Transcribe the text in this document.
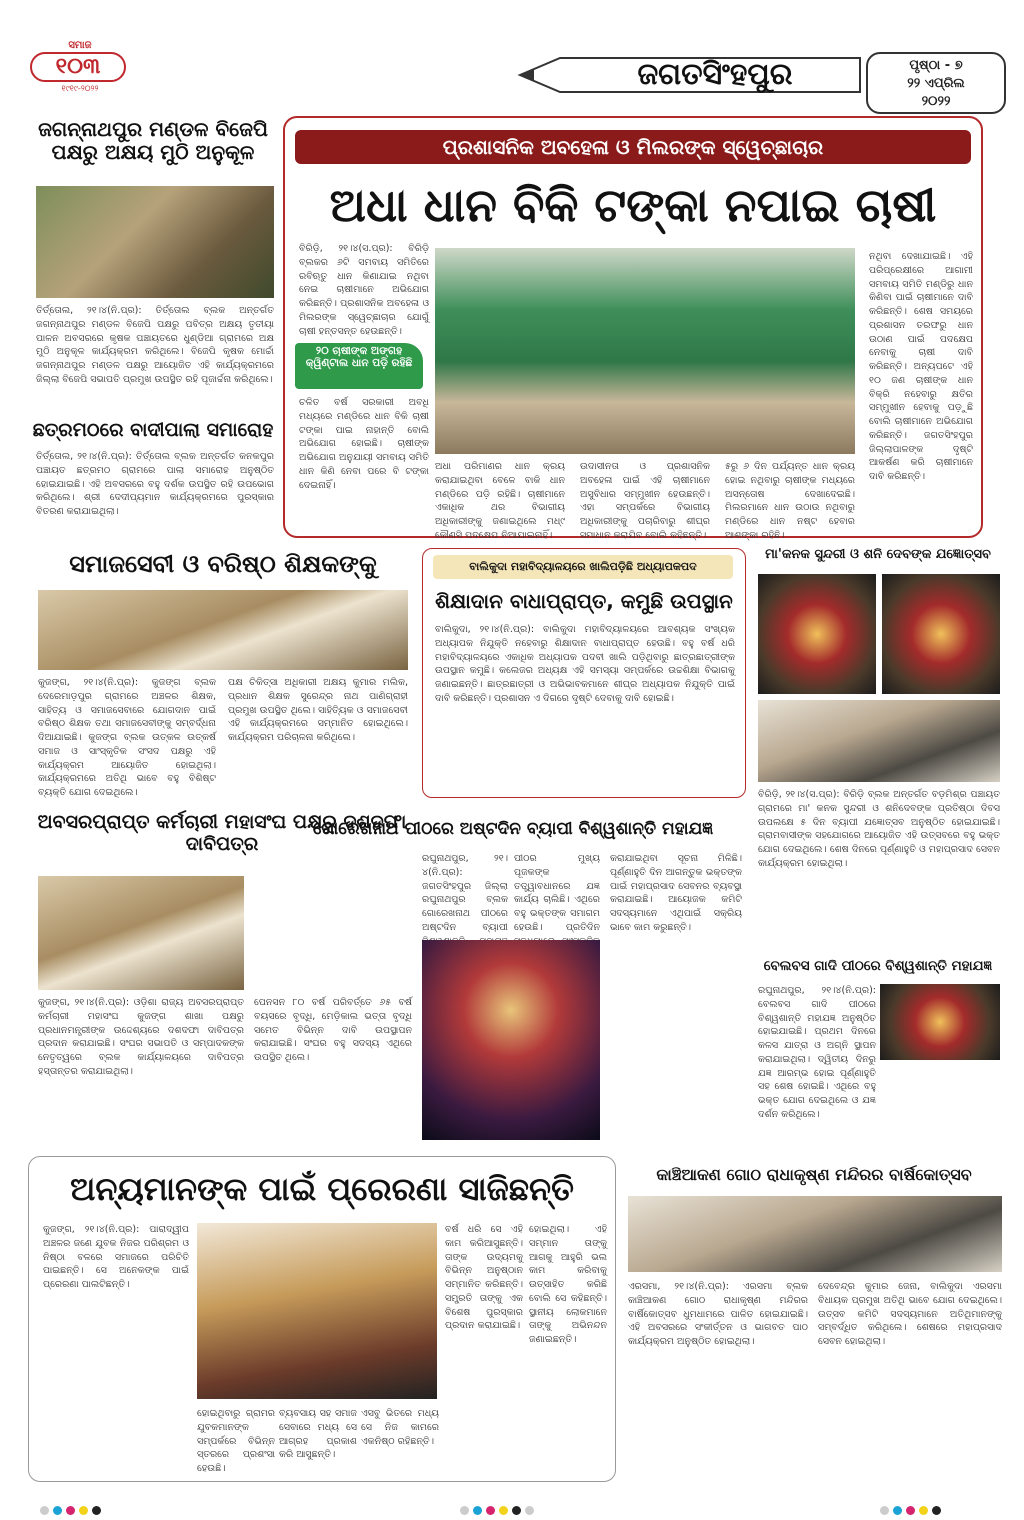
ସମାଜ
୧୦୩
୧୯୧୯-୨୦୨୨	ଜଗତସିଂହପୁର	ପୃଷ୍ଠା - ୭
୨୨ ଏପ୍ରିଲ
୨୦୨୨
ଜଗନ୍ନାଥପୁର ମଣ୍ଡଳ ବିଜେପି ପକ୍ଷରୁ ଅକ୍ଷୟ ମୁଠି ଅନୁକୂଳ
ତିର୍ତ୍ତୋଲ, ୨୧।୪(ନି.ପ୍ର): ତିର୍ତ୍ତୋଲ ବ୍ଲକ ଅନ୍ତର୍ଗତ ଜଗନ୍ନାଥପୁର ମଣ୍ଡଳ ବିଜେପି ପକ୍ଷରୁ ପବିତ୍ର ଅକ୍ଷୟ ତୃତୀୟା ପାଳନ ଅବସରରେ କୃଷକ ପଞ୍ଚାୟତରେ ଧୁଣ୍ଡିଆ ଗ୍ରାମରେ ଅକ୍ଷ ମୁଠି ଅନୁକୂଳ କାର୍ଯ୍ୟକ୍ରମ କରିଥିଲେ। ବିଜେପି କୃଷକ ମୋର୍ଚ୍ଚା ଜଗନ୍ନାଥପୁର ମଣ୍ଡଳ ପକ୍ଷରୁ ଆୟୋଜିତ ଏହି କାର୍ଯ୍ୟକ୍ରମରେ ଜିଲ୍ଲା ବିଜେପି ସଭାପତି ପ୍ରମୁଖ ଉପସ୍ଥିତ ରହି ପୂଜାର୍ଚ୍ଚନା କରିଥିଲେ।
ଛତ୍ରମଠରେ ବାଦୀପାଲା ସମାରୋହ
ତିର୍ତ୍ତୋଲ, ୨୧।୪(ନି.ପ୍ର): ତିର୍ତ୍ତୋଲ ବ୍ଲକ ଅନ୍ତର୍ଗତ କନକପୁର ପଞ୍ଚାୟତ ଛତ୍ରମଠ ଗ୍ରାମରେ ପାଲା ସମାରୋହ ଅନୁଷ୍ଠିତ ହୋଇଯାଇଛି। ଏହି ଅବସରରେ ବହୁ ଦର୍ଶକ ଉପସ୍ଥିତ ରହି ଉପଭୋଗ କରିଥିଲେ। ଶ୍ରୀ ଦେଦୀପ୍ୟମାନ କାର୍ଯ୍ୟକ୍ରମରେ ପୁରସ୍କାର ବିତରଣ କରାଯାଇଥିଲା।
ପ୍ରଶାସନିକ ଅବହେଳା ଓ ମିଲରଙ୍କ ସ୍ୱେଚ୍ଛାଚାର
ଅଧା ଧାନ ବିକି ଟଙ୍କା ନପାଇ ଚାଷୀ
ବିରିଡ଼ି, ୨୧।୪(ସ.ପ୍ର): ବିରିଡ଼ି ବ୍ଲକର ୬ଟି ସମବାୟ ସମିତିରେ ରବିଋତୁ ଧାନ କିଣାଯାଇ ନଥିବା ନେଇ ଚାଷୀମାନେ ଅଭିଯୋଗ କରିଛନ୍ତି। ପ୍ରଶାସନିକ ଅବହେଳା ଓ ମିଲରଙ୍କ ସ୍ୱେଚ୍ଛାଚାର ଯୋଗୁଁ ଚାଷୀ ହନ୍ତସନ୍ତ ହେଉଛନ୍ତି।
୨୦ ଚାଷୀଙ୍କ ଅଙ୍ଗହ କ୍ୱିଣ୍ଟାଲ ଧାନ ପଡ଼ି ରହିଛି
ଚଳିତ ବର୍ଷ ସରକାରୀ ଅବଧି ମଧ୍ୟରେ ମଣ୍ଡିରେ ଧାନ ବିକି ଚାଷୀ ଟଙ୍କା ପାଇ ନାହାନ୍ତି ବୋଲି ଅଭିଯୋଗ ହୋଇଛି। ଚାଷୀଙ୍କ ଅଭିଯୋଗ ଅନୁଯାୟୀ ସମବାୟ ସମିତି ଧାନ କିଣି ନେବା ପରେ ବି ଟଙ୍କା ଦେଇନାହିଁ।
ଅଧା ପରିମାଣର ଧାନ କ୍ରୟ କରାଯାଇଥିବା ବେଳେ ବାକି ଧାନ ମଣ୍ଡିରେ ପଡ଼ି ରହିଛି। ଚାଷୀମାନେ ଏକାଧିକ ଥର ବିଭାଗୀୟ ଅଧିକାରୀଙ୍କୁ ଜଣାଇଥିଲେ ମଧ୍୯ କୌଣସି ପଦକ୍ଷେପ ନିଆଯାଇନାହିଁ।
ଉଦାସୀନତା ଓ ପ୍ରଶାସନିକ ଅବହେଳା ପାଇଁ ଏହି ଚାଷୀମାନେ ଅସୁବିଧାର ସମ୍ମୁଖୀନ ହେଉଛନ୍ତି। ଏହା ସମ୍ପର୍କରେ ବିଭାଗୀୟ ଅଧିକାରୀଙ୍କୁ ପଚାରିବାରୁ ଶୀଘ୍ର ସମାଧାନ କରାଯିବ ବୋଲି କହିଛନ୍ତି।
୫ରୁ ୬ ଦିନ ପର୍ଯ୍ୟନ୍ତ ଧାନ କ୍ରୟ ହୋଇ ନଥିବାରୁ ଚାଷୀଙ୍କ ମଧ୍ୟରେ ଅସନ୍ତୋଷ ଦେଖାଦେଇଛି। ମିଲରମାନେ ଧାନ ଉଠାଉ ନଥିବାରୁ ମଣ୍ଡିରେ ଧାନ ନଷ୍ଟ ହେବାର ଆଶଙ୍କା ରହିଛି।
ନଥିବା ଦେଖାଯାଇଛି। ଏହି ପରିପ୍ରେକ୍ଷୀରେ ଆଗାମୀ ସମବାୟ ସମିତି ମଣ୍ଡିରୁ ଧାନ କିଣିବା ପାଇଁ ଚାଷୀମାନେ ଦାବି କରିଛନ୍ତି। ଶେଷ ସମୟରେ ପ୍ରଶାସନ ତରଫରୁ ଧାନ ଉଠାଣ ପାଇଁ ପଦକ୍ଷେପ ନେବାକୁ ଚାଷୀ ଦାବି କରିଛନ୍ତି। ଅନ୍ୟପଟେ ଏହି ୧୦ ଜଣ ଚାଷୀଙ୍କ ଧାନ ବିକ୍ରି ନହେବାରୁ କ୍ଷତିର ସମ୍ମୁଖୀନ ହେବାକୁ ପଡ଼ୁଛି ବୋଲି ଚାଷୀମାନେ ଅଭିଯୋଗ କରିଛନ୍ତି। ଜଗତସିଂହପୁର ଜିଲ୍ଲାପାଳଙ୍କ ଦୃଷ୍ଟି ଆକର୍ଷଣ କରି ଚାଷୀମାନେ ଦାବି କରିଛନ୍ତି।
ସମାଜସେବୀ ଓ ବରିଷ୍ଠ ଶିକ୍ଷକଙ୍କୁ
କୁଜଙ୍ଗ, ୨୧।୪(ନି.ପ୍ର): କୁଜଙ୍ଗ ବ୍ଲକ ଦେରେମାଡ଼ପୁର ଗ୍ରାମରେ ଅଞ୍ଚଳର ଶିକ୍ଷକ, ସାହିତ୍ୟ ଓ ସମାଜସେବାରେ ଯୋଗଦାନ ପାଇଁ ବରିଷ୍ଠ ଶିକ୍ଷକ ତଥା ସମାଜସେବୀଙ୍କୁ ସମ୍ବର୍ଦ୍ଧନା ଦିଆଯାଇଛି। କୁଜଙ୍ଗ ବ୍ଲକ ଉତ୍କଳ ଉତ୍କର୍ଷ ସମାଜ ଓ ସାଂସ୍କୃତିକ ସଂସଦ ପକ୍ଷରୁ ଏହି କାର୍ଯ୍ୟକ୍ରମ ଆୟୋଜିତ ହୋଇଥିଲା। କାର୍ଯ୍ୟକ୍ରମରେ ଅତିଥି ଭାବେ ବହୁ ବିଶିଷ୍ଟ ବ୍ୟକ୍ତି ଯୋଗ ଦେଇଥିଲେ।
ପକ୍ଷ ଚିକିତ୍ସା ଅଧିକାରୀ ଅକ୍ଷୟ କୁମାର ମଲିକ, ପ୍ରଧାନ ଶିକ୍ଷକ ସୁରେନ୍ଦ୍ର ନାଥ ପାଣିଗ୍ରାହୀ ପ୍ରମୁଖ ଉପସ୍ଥିତ ଥିଲେ। ସାହିତ୍ୟିକ ଓ ସମାଜସେବୀ ଏହି କାର୍ଯ୍ୟକ୍ରମରେ ସମ୍ମାନିତ ହୋଇଥିଲେ। କାର୍ଯ୍ୟକ୍ରମ ପରିଚାଳନା କରିଥିଲେ।
ବାଲିକୁଦା ମହାବିଦ୍ୟାଳୟରେ ଖାଲିପଡ଼ିଛି ଅଧ୍ୟାପକପଦ
ଶିକ୍ଷାଦାନ ବାଧାପ୍ରାପ୍ତ, କମୁଛି ଉପସ୍ଥାନ
ବାଲିକୁଦା, ୨୧।୪(ନି.ପ୍ର): ବାଲିକୁଦା ମହାବିଦ୍ୟାଳୟରେ ଆବଶ୍ୟକ ସଂଖ୍ୟକ ଅଧ୍ୟାପକ ନିଯୁକ୍ତି ନହେବାରୁ ଶିକ୍ଷାଦାନ ବାଧାପ୍ରାପ୍ତ ହେଉଛି। ବହୁ ବର୍ଷ ଧରି ମହାବିଦ୍ୟାଳୟରେ ଏକାଧିକ ଅଧ୍ୟାପକ ପଦବୀ ଖାଲି ପଡ଼ିଥିବାରୁ ଛାତ୍ରଛାତ୍ରୀଙ୍କ ଉପସ୍ଥାନ କମୁଛି। କଲେଜର ଅଧ୍ୟକ୍ଷ ଏହି ସମସ୍ୟା ସମ୍ପର୍କରେ ଉଚ୍ଚଶିକ୍ଷା ବିଭାଗକୁ ଜଣାଇଛନ୍ତି। ଛାତ୍ରଛାତ୍ରୀ ଓ ଅଭିଭାବକମାନେ ଶୀଘ୍ର ଅଧ୍ୟାପକ ନିଯୁକ୍ତି ପାଇଁ ଦାବି କରିଛନ୍ତି। ପ୍ରଶାସନ ଏ ଦିଗରେ ଦୃଷ୍ଟି ଦେବାକୁ ଦାବି ହୋଇଛି।
ମା'କନକ ସୁନ୍ଦରୀ ଓ ଶନି ଦେବଙ୍କ ଯଜ୍ଞୋତ୍ସବ
ବିରିଡ଼ି, ୨୧।୪(ସ.ପ୍ର): ବିରିଡ଼ି ବ୍ଲକ ଅନ୍ତର୍ଗତ ବଡ଼ମିଶ୍ର ପଞ୍ଚାୟତ ଗ୍ରାମରେ ମା' କନକ ସୁନ୍ଦରୀ ଓ ଶନିଦେବଙ୍କ ପ୍ରତିଷ୍ଠା ଦିବସ ଉପଲକ୍ଷେ ୫ ଦିନ ବ୍ୟାପୀ ଯଜ୍ଞୋତ୍ସବ ଅନୁଷ୍ଠିତ ହୋଇଯାଇଛି। ଗ୍ରାମବାସୀଙ୍କ ସହଯୋଗରେ ଆୟୋଜିତ ଏହି ଉତ୍ସବରେ ବହୁ ଭକ୍ତ ଯୋଗ ଦେଇଥିଲେ। ଶେଷ ଦିନରେ ପୂର୍ଣ୍ଣାହୁତି ଓ ମହାପ୍ରସାଦ ସେବନ କାର୍ଯ୍ୟକ୍ରମ ହୋଇଥିଲା।
ଅବସରପ୍ରାପ୍ତ କର୍ମଚାରୀ ମହାସଂଘ ପକ୍ଷରୁ ଦଶଦଫା ଦାବିପତ୍ର
କୁଜଙ୍ଗ, ୨୧।୪(ନି.ପ୍ର): ଓଡ଼ିଶା ରାଜ୍ୟ ଅବସରପ୍ରାପ୍ତ କର୍ମଚାରୀ ମହାସଂଘ କୁଜଙ୍ଗ ଶାଖା ପକ୍ଷରୁ ପ୍ରଧାନମନ୍ତ୍ରୀଙ୍କ ଉଦ୍ଦେଶ୍ୟରେ ଦଶଦଫା ଦାବିପତ୍ର ପ୍ରଦାନ କରାଯାଇଛି। ସଂଘର ସଭାପତି ଓ ସମ୍ପାଦକଙ୍କ ନେତୃତ୍ୱରେ ବ୍ଲକ କାର୍ଯ୍ୟାଳୟରେ ଦାବିପତ୍ର ହସ୍ତାନ୍ତର କରାଯାଇଥିଲା।
ପେନସନ ୮୦ ବର୍ଷ ପରିବର୍ତ୍ତେ ୬୫ ବର୍ଷ ବୟସରେ ବୃଦ୍ଧି, ମେଡ଼ିକାଲ ଭତ୍ତା ବୃଦ୍ଧି ସମେତ ବିଭିନ୍ନ ଦାବି ଉପସ୍ଥାପନ କରାଯାଇଛି। ସଂଘର ବହୁ ସଦସ୍ୟ ଏଥିରେ ଉପସ୍ଥିତ ଥିଲେ।
ଗୋରେଖନାଥ ପୀଠରେ ଅଷ୍ଟଦିନ ବ୍ୟାପୀ ବିଶ୍ୱଶାନ୍ତି ମହାଯଜ୍ଞ
ରଘୁନାଥପୁର, ୨୧।୪(ନି.ପ୍ର): ଜଗତସିଂହପୁର ଜିଲ୍ଲା ରଘୁନାଥପୁର ବ୍ଲକ ଗୋରେଖନାଥ ପୀଠରେ ଅଷ୍ଟଦିନ ବ୍ୟାପୀ
ପୀଠର ମୁଖ୍ୟ ପୂଜକଙ୍କ ତତ୍ତ୍ୱାବଧାନରେ ଯଜ୍ଞ କାର୍ଯ୍ୟ ଚାଲିଛି। ଏଥିରେ ବହୁ ଭକ୍ତଙ୍କ ସମାଗମ ହେଉଛି। ପ୍ରତିଦିନ
କରାଯାଇଥିବା ସୂଚନା ମିଳିଛି। ପୂର୍ଣ୍ଣାହୁତି ଦିନ ଆଗନ୍ତୁକ ଭକ୍ତଙ୍କ ପାଇଁ ମହାପ୍ରସାଦ ସେବନର ବ୍ୟବସ୍ଥା କରାଯାଇଛି। ଆୟୋଜକ କମିଟି ସଦସ୍ୟମାନେ ଏଥିପାଇଁ ସକ୍ରିୟ ଭାବେ କାମ କରୁଛନ୍ତି।
ବେଲବସ ଗାଦି ପୀଠରେ ବିଶ୍ୱଶାନ୍ତି ମହାଯଜ୍ଞ
ରଘୁନାଥପୁର, ୨୧।୪(ନି.ପ୍ର): ବେଲବସ ଗାଦି ପୀଠରେ ବିଶ୍ୱଶାନ୍ତି ମହାଯଜ୍ଞ ଅନୁଷ୍ଠିତ ହୋଇଯାଇଛି। ପ୍ରଥମ ଦିନରେ କଳସ ଯାତ୍ରା ଓ ଅଗ୍ନି ସ୍ଥାପନ କରାଯାଇଥିଲା। ଦ୍ୱିତୀୟ ଦିନରୁ ଯଜ୍ଞ ଆରମ୍ଭ ହୋଇ ପୂର୍ଣ୍ଣାହୁତି ସହ ଶେଷ ହୋଇଛି। ଏଥିରେ ବହୁ ଭକ୍ତ ଯୋଗ ଦେଇଥିଲେ ଓ ଯଜ୍ଞ ଦର୍ଶନ କରିଥିଲେ।
ଅନ୍ୟମାନଙ୍କ ପାଇଁ ପ୍ରେରଣା ସାଜିଛନ୍ତି
କୁଜଙ୍ଗ, ୨୧।୪(ନି.ପ୍ର): ପାରାଦ୍ୱୀପ ଅଞ୍ଚଳର ଜଣେ ଯୁବକ ନିଜର ପରିଶ୍ରମ ଓ ନିଷ୍ଠା ବଳରେ ସମାଜରେ ପରିଚିତି ପାଇଛନ୍ତି। ସେ ଅନେକଙ୍କ ପାଇଁ ପ୍ରେରଣା ପାଲଟିଛନ୍ତି।
ବର୍ଷ ଧରି ସେ ଏହି କାମ କରିଆସୁଛନ୍ତି। ତାଙ୍କ ଉଦ୍ୟମକୁ ବିଭିନ୍ନ ଅନୁଷ୍ଠାନ ସମ୍ମାନିତ କରିଛନ୍ତି। ସମ୍ପ୍ରତି ତାଙ୍କୁ ଏକ ବିଶେଷ ପୁରସ୍କାର ପ୍ରଦାନ କରାଯାଇଛି।
ହୋଇଥିଲା। ଏହି ସମ୍ମାନ ତାଙ୍କୁ ଆଗକୁ ଆହୁରି ଭଲ କାମ କରିବାକୁ ଉତ୍ସାହିତ କରିଛି ବୋଲି ସେ କହିଛନ୍ତି। ସ୍ଥାନୀୟ ଲୋକମାନେ ତାଙ୍କୁ ଅଭିନନ୍ଦନ ଜଣାଇଛନ୍ତି।
ହୋଇଥିବାରୁ ଗ୍ରାମର ଯୁବକମାନଙ୍କ ସମ୍ପର୍କରେ ବିଭିନ୍ନ ସ୍ତରରେ ପ୍ରଶଂସା ହେଉଛି।
ବ୍ୟବସାୟ ସହ ସମାଜ ସେବାରେ ମଧ୍ୟ ସେ ଆଗ୍ରହ ପ୍ରକାଶ କରି ଆସୁଛନ୍ତି।
ଏସବୁ ଭିତରେ ମଧ୍ୟ ସେ ନିଜ କାମରେ ଏକନିଷ୍ଠ ରହିଛନ୍ତି।
କାଞ୍ଚିଆକଣ ଗୋଠ ରାଧାକୃଷ୍ଣ ମନ୍ଦିରର ବାର୍ଷିକୋତ୍ସବ
ଏରସମା, ୨୧।୪(ନି.ପ୍ର): ଏରସମା ବ୍ଲକ କାଞ୍ଚିଆକଣ ଗୋଠ ରାଧାକୃଷ୍ଣ ମନ୍ଦିରର ବାର୍ଷିକୋତ୍ସବ ଧୁମଧାମରେ ପାଳିତ ହୋଇଯାଇଛି। ଏହି ଅବସରରେ ସଂକୀର୍ତ୍ତନ ଓ ଭାଗବତ ପାଠ କାର୍ଯ୍ୟକ୍ରମ ଅନୁଷ୍ଠିତ ହୋଇଥିଲା।
ଦେବେନ୍ଦ୍ର କୁମାର ଜେନା, ବାଲିକୁଦା ଏରସମା ବିଧାୟକ ପ୍ରମୁଖ ଅତିଥି ଭାବେ ଯୋଗ ଦେଇଥିଲେ। ଉତ୍ସବ କମିଟି ସଦସ୍ୟମାନେ ଅତିଥିମାନଙ୍କୁ ସମ୍ବର୍ଦ୍ଧିତ କରିଥିଲେ। ଶେଷରେ ମହାପ୍ରସାଦ ସେବନ ହୋଇଥିଲା।
